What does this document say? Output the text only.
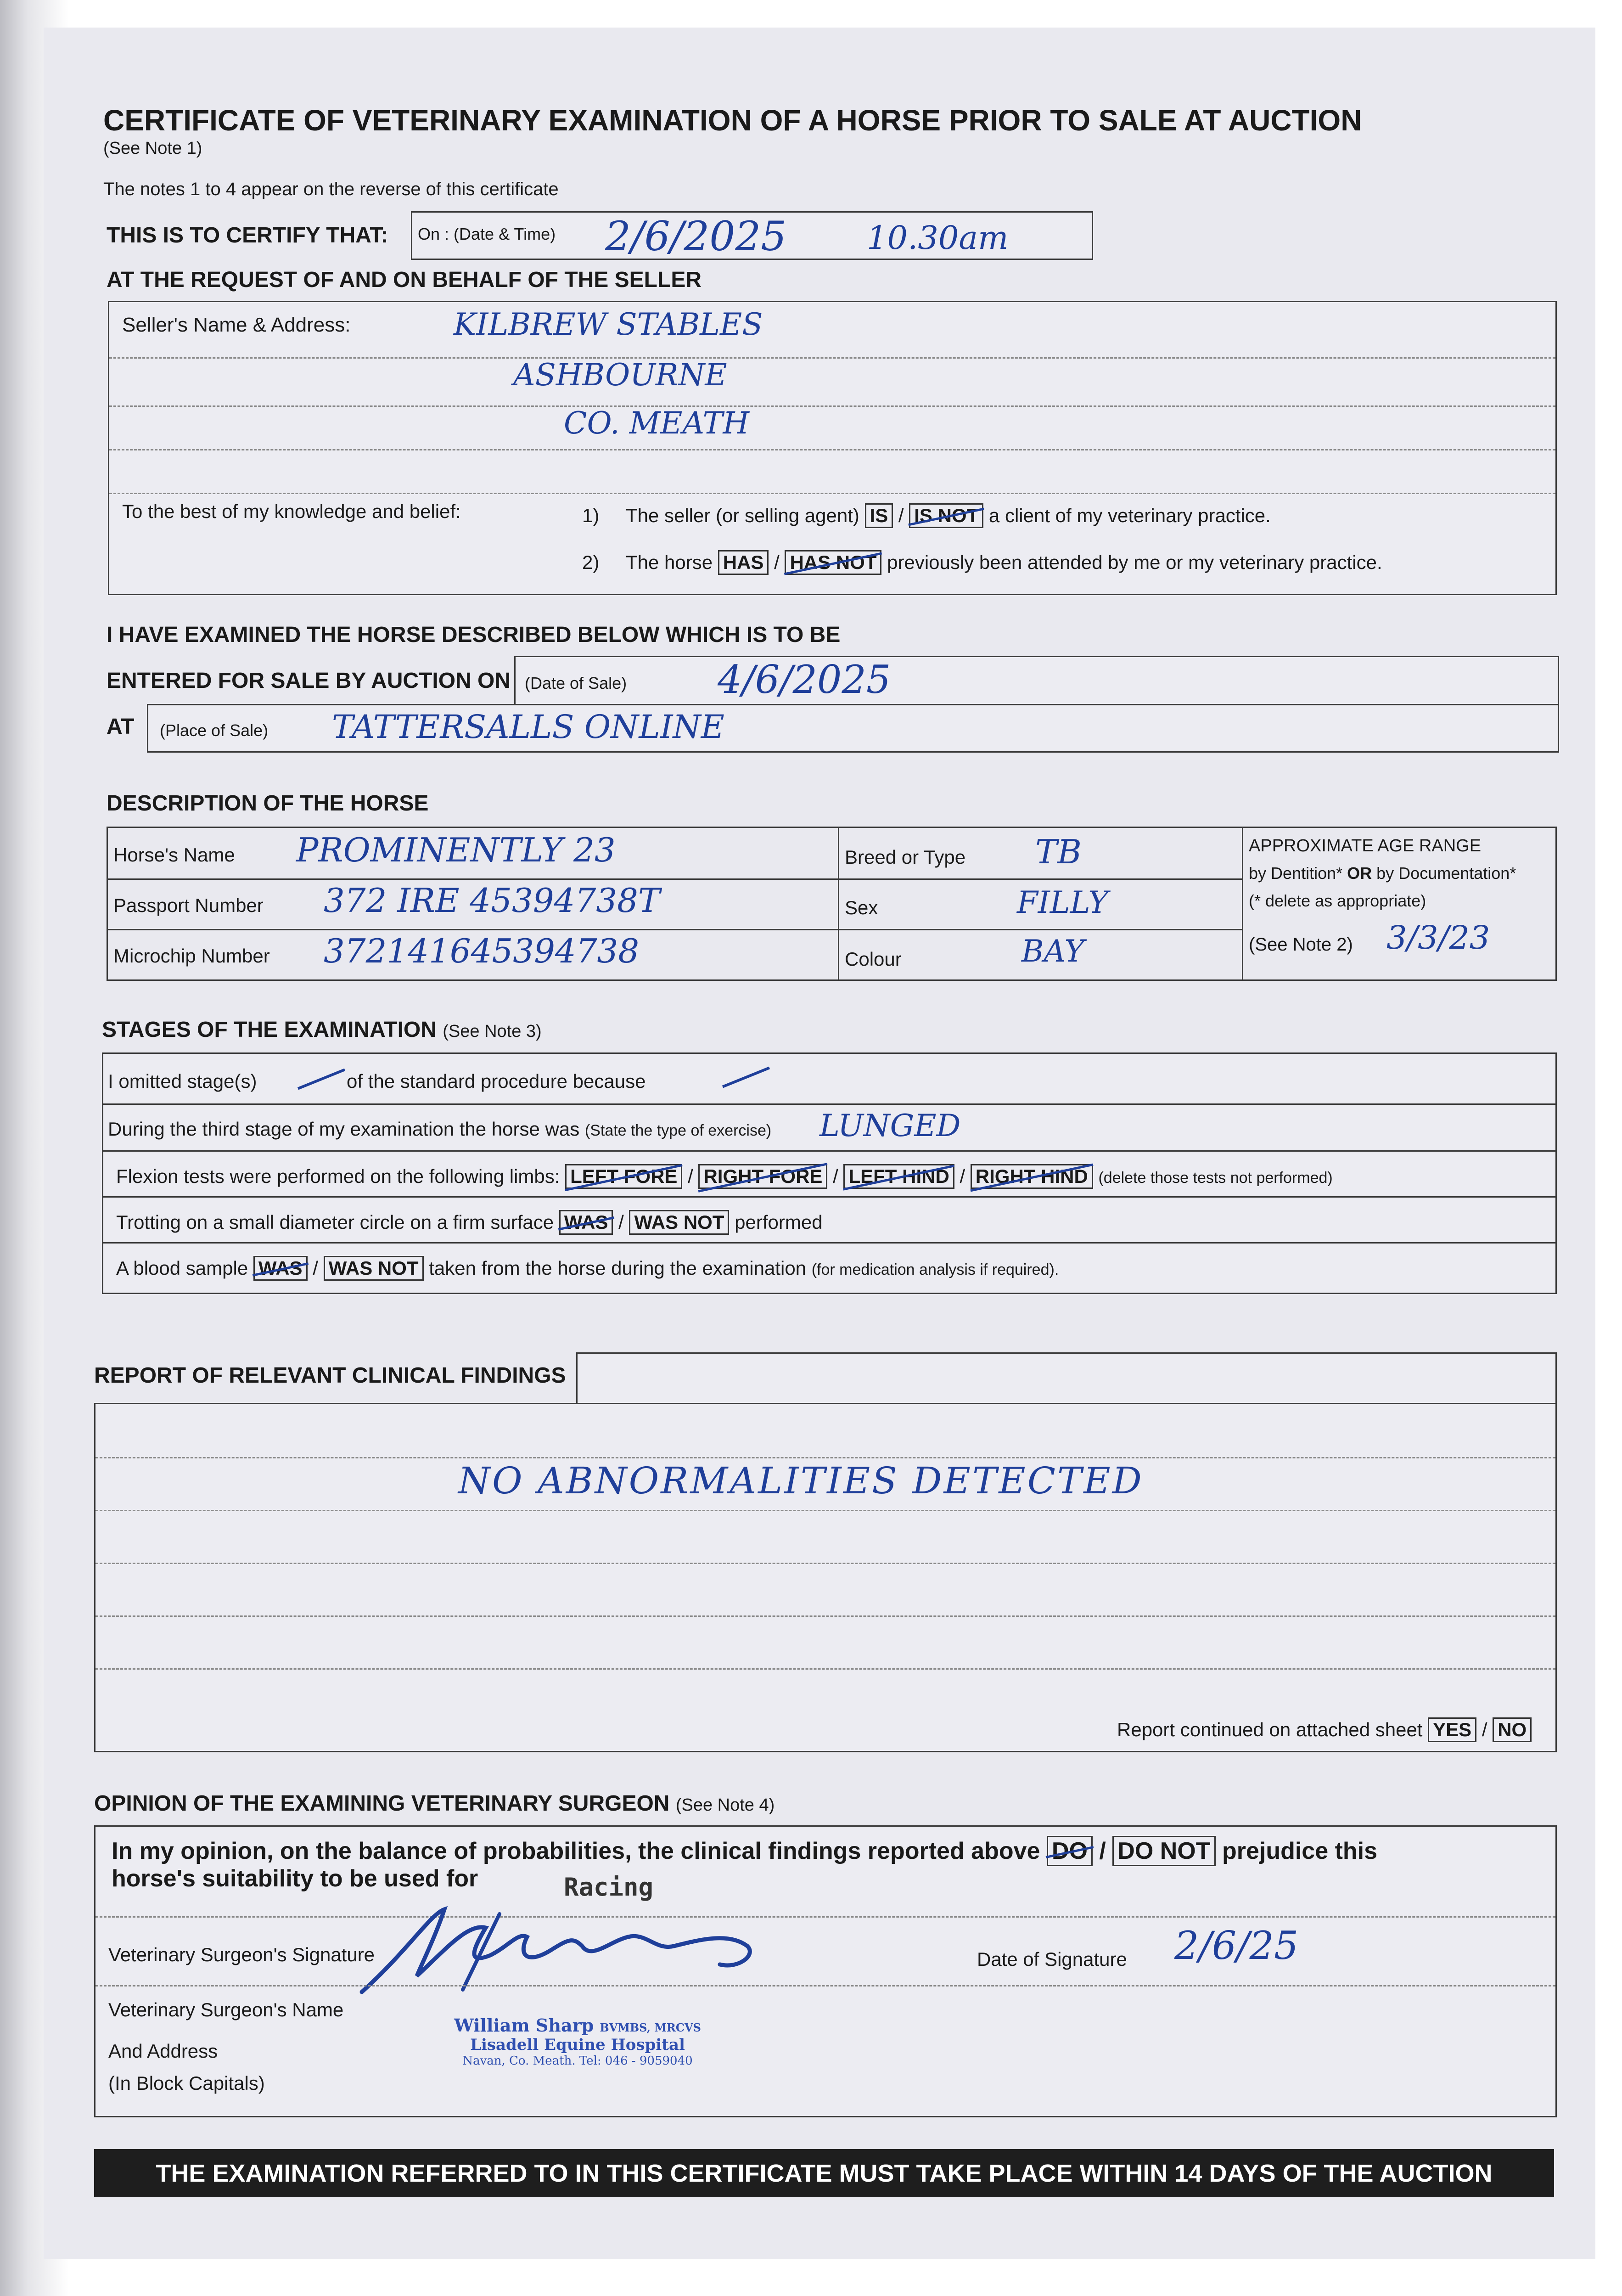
CERTIFICATE OF VETERINARY EXAMINATION OF A HORSE PRIOR TO SALE AT AUCTION
(See Note 1)
The notes 1 to 4 appear on the reverse of this certificate
THIS IS TO CERTIFY THAT: On : (Date & Time) 2/6/2025 10.30am
AT THE REQUEST OF AND ON BEHALF OF THE SELLER
Seller's Name & Address:	KILBREW STABLES
ASHBOURNE
CO. MEATH
To the best of my knowledge and belief:	1) The seller (or selling agent) IS / IS NOT a client of my veterinary practice.
2) The horse HAS / HAS NOT previously been attended by me or my veterinary practice.
I HAVE EXAMINED THE HORSE DESCRIBED BELOW WHICH IS TO BE
ENTERED FOR SALE BY AUCTION ON (Date of Sale) 4/6/2025
AT (Place of Sale) TATTERSALLS ONLINE
DESCRIPTION OF THE HORSE
Horse's Name PROMINENTLY 23
Passport Number 372 IRE 45394738T
Microchip Number 372141645394738
Breed or Type TB
Sex	FILLY
Colour	BAY
APPROXIMATE AGE RANGE
by Dentition* OR by Documentation*
(* delete as appropriate)
(See Note 2) 3/3/23
STAGES OF THE EXAMINATION (See Note 3)
I omitted stage(s)	of the standard procedure because
During the third stage of my examination the horse was (State the type of exercise) LUNGED
Flexion tests were performed on the following limbs: LEFT FORE / RIGHT FORE / LEFT HIND / RIGHT HIND (delete those tests not performed)
Trotting on a small diameter circle on a firm surface WAS / WAS NOT performed
A blood sample WAS / WAS NOT taken from the horse during the examination (for medication analysis if required).
REPORT OF RELEVANT CLINICAL FINDINGS
NO ABNORMALITIES DETECTED
Report continued on attached sheet YES / NO
OPINION OF THE EXAMINING VETERINARY SURGEON (See Note 4)
In my opinion, on the balance of probabilities, the clinical findings reported above DO / DO NOT prejudice this
horse's suitability to be used for	Racing
Veterinary Surgeon's Signature	Date of Signature 2/6/25
Veterinary Surgeon's Name
And Address
(In Block Capitals)
William Sharp BVMBS, MRCVS
Lisadell Equine Hospital
Navan, Co. Meath. Tel: 046 - 9059040
THE EXAMINATION REFERRED TO IN THIS CERTIFICATE MUST TAKE PLACE WITHIN 14 DAYS OF THE AUCTION
